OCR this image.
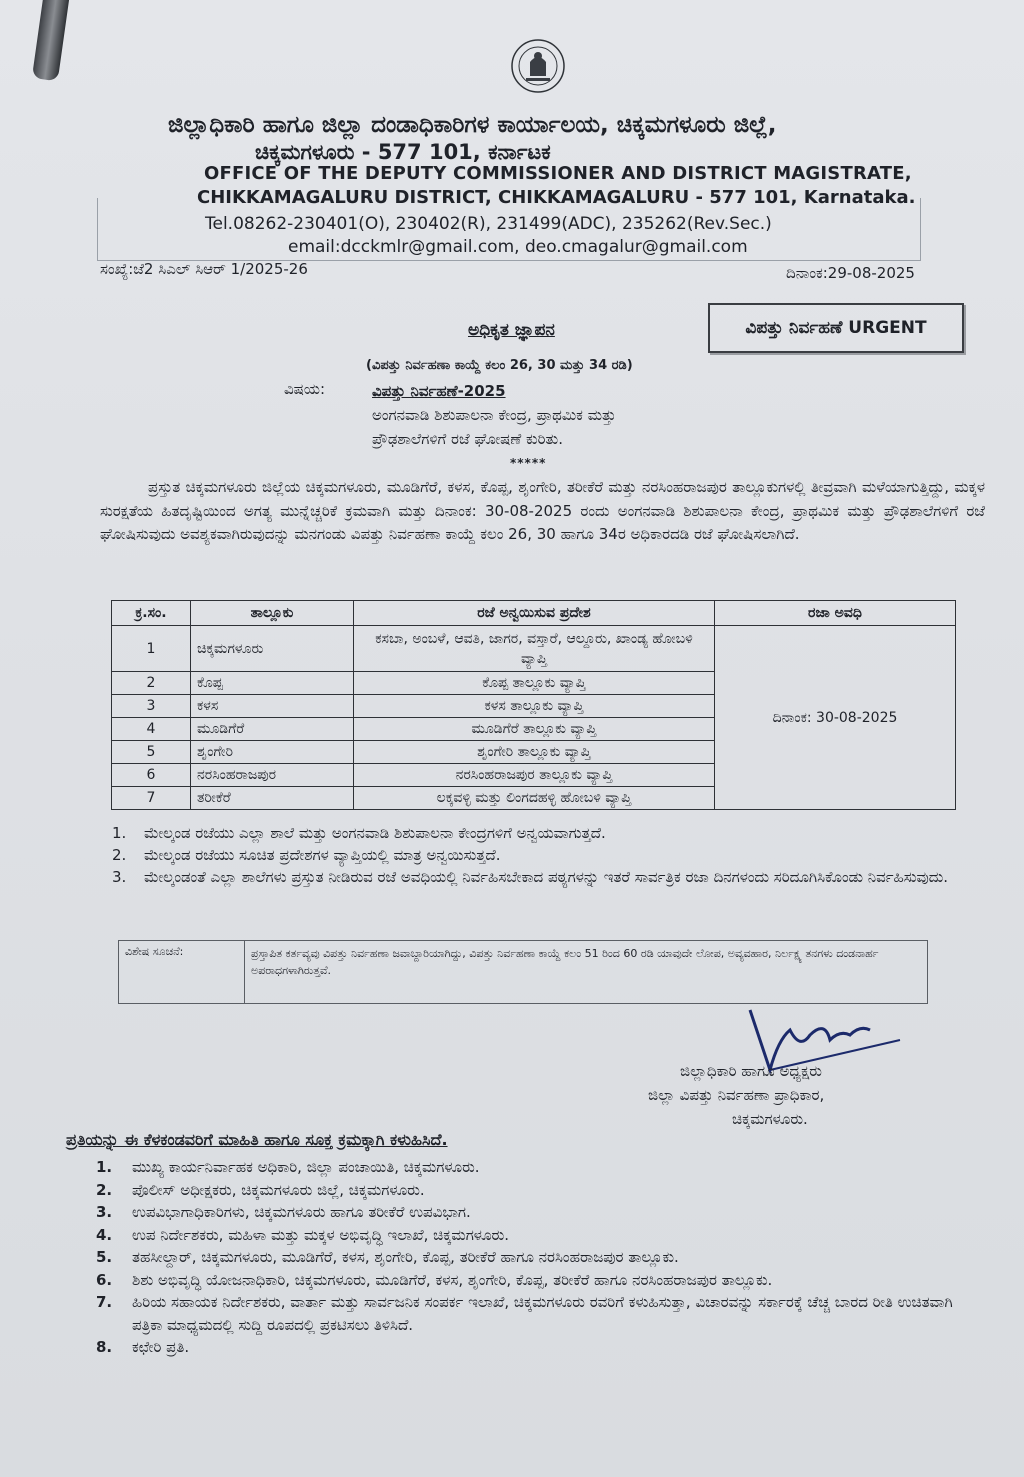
ಜಿಲ್ಲಾಧಿಕಾರಿ ಹಾಗೂ ಜಿಲ್ಲಾ ದಂಡಾಧಿಕಾರಿಗಳ ಕಾರ್ಯಾಲಯ, ಚಿಕ್ಕಮಗಳೂರು ಜಿಲ್ಲೆ,
ಚಿಕ್ಕಮಗಳೂರು - 577 101, ಕರ್ನಾಟಕ
OFFICE OF THE DEPUTY COMMISSIONER AND DISTRICT MAGISTRATE,
CHIKKAMAGALURU DISTRICT, CHIKKAMAGALURU - 577 101, Karnataka.
Tel.08262-230401(O), 230402(R), 231499(ADC), 235262(Rev.Sec.)
email:dcckmlr@gmail.com, deo.cmagalur@gmail.com
ಸಂಖ್ಯೆ:ಜೆ2 ಸಿಎಲ್ ಸಿಆರ್ 1/2025-26	ದಿನಾಂಕ:29-08-2025
ಅಧಿಕೃತ ಜ್ಞಾಪನ	ವಿಪತ್ತು ನಿರ್ವಹಣೆ URGENT
(ವಿಪತ್ತು ನಿರ್ವಹಣಾ ಕಾಯ್ದೆ ಕಲಂ 26, 30 ಮತ್ತು 34 ರಡಿ)
ವಿಷಯ:	ವಿಪತ್ತು ನಿರ್ವಹಣೆ-2025
ಅಂಗನವಾಡಿ ಶಿಶುಪಾಲನಾ ಕೇಂದ್ರ, ಪ್ರಾಥಮಿಕ ಮತ್ತು
ಪ್ರೌಢಶಾಲೆಗಳಿಗೆ ರಜೆ ಘೋಷಣೆ ಕುರಿತು.
*****

ಪ್ರಸ್ತುತ ಚಿಕ್ಕಮಗಳೂರು ಜಿಲ್ಲೆಯ ಚಿಕ್ಕಮಗಳೂರು, ಮೂಡಿಗೆರೆ, ಕಳಸ, ಕೊಪ್ಪ, ಶೃಂಗೇರಿ, ತರೀಕೆರೆ ಮತ್ತು ನರಸಿಂಹರಾಜಪುರ ತಾಲ್ಲೂಕುಗಳಲ್ಲಿ ತೀವ್ರವಾಗಿ ಮಳೆಯಾಗುತ್ತಿದ್ದು, ಮಕ್ಕಳ ಸುರಕ್ಷತೆಯ ಹಿತದೃಷ್ಟಿಯಿಂದ ಅಗತ್ಯ ಮುನ್ನೆಚ್ಚರಿಕೆ ಕ್ರಮವಾಗಿ ಮತ್ತು ದಿನಾಂಕ: 30-08-2025 ರಂದು ಅಂಗನವಾಡಿ ಶಿಶುಪಾಲನಾ ಕೇಂದ್ರ, ಪ್ರಾಥಮಿಕ ಮತ್ತು ಪ್ರೌಢಶಾಲೆಗಳಿಗೆ ರಜೆ ಘೋಷಿಸುವುದು ಅವಶ್ಯಕವಾಗಿರುವುದನ್ನು ಮನಗಂಡು ವಿಪತ್ತು ನಿರ್ವಹಣಾ ಕಾಯ್ದೆ ಕಲಂ 26, 30 ಹಾಗೂ 34ರ ಅಧಿಕಾರದಡಿ ರಜೆ ಘೋಷಿಸಲಾಗಿದೆ.

ಕ್ರ.ಸಂ.	ತಾಲ್ಲೂಕು	ರಜೆ ಅನ್ವಯಿಸುವ ಪ್ರದೇಶ	ರಜಾ ಅವಧಿ
1	ಚಿಕ್ಕಮಗಳೂರು	ಕಸಬಾ, ಅಂಬಳೆ, ಆವತಿ, ಜಾಗರ, ವಸ್ತಾರೆ, ಆಲ್ದೂರು, ಖಾಂಡ್ಯ ಹೋಬಳಿ ವ್ಯಾಪ್ತಿ	ದಿನಾಂಕ: 30-08-2025
2	ಕೊಪ್ಪ	ಕೊಪ್ಪ ತಾಲ್ಲೂಕು ವ್ಯಾಪ್ತಿ	
3	ಕಳಸ	ಕಳಸ ತಾಲ್ಲೂಕು ವ್ಯಾಪ್ತಿ	
4	ಮೂಡಿಗೆರೆ	ಮೂಡಿಗೆರೆ ತಾಲ್ಲೂಕು ವ್ಯಾಪ್ತಿ	
5	ಶೃಂಗೇರಿ	ಶೃಂಗೇರಿ ತಾಲ್ಲೂಕು ವ್ಯಾಪ್ತಿ	
6	ನರಸಿಂಹರಾಜಪುರ	ನರಸಿಂಹರಾಜಪುರ ತಾಲ್ಲೂಕು ವ್ಯಾಪ್ತಿ	
7	ತರೀಕೆರೆ	ಲಕ್ಕವಳ್ಳಿ ಮತ್ತು ಲಿಂಗದಹಳ್ಳಿ ಹೋಬಳಿ ವ್ಯಾಪ್ತಿ	
1.	ಮೇಲ್ಕಂಡ ರಜೆಯು ಎಲ್ಲಾ ಶಾಲೆ ಮತ್ತು ಅಂಗನವಾಡಿ ಶಿಶುಪಾಲನಾ ಕೇಂದ್ರಗಳಿಗೆ ಅನ್ವಯವಾಗುತ್ತದೆ.
2.	ಮೇಲ್ಕಂಡ ರಜೆಯು ಸೂಚಿತ ಪ್ರದೇಶಗಳ ವ್ಯಾಪ್ತಿಯಲ್ಲಿ ಮಾತ್ರ ಅನ್ವಯಿಸುತ್ತದೆ.
3.	ಮೇಲ್ಕಂಡಂತೆ ಎಲ್ಲಾ ಶಾಲೆಗಳು ಪ್ರಸ್ತುತ ನೀಡಿರುವ ರಜೆ ಅವಧಿಯಲ್ಲಿ ನಿರ್ವಹಿಸಬೇಕಾದ ಪಠ್ಯಗಳನ್ನು ಇತರೆ ಸಾರ್ವತ್ರಿಕ ರಜಾ ದಿನಗಳಂದು ಸರಿದೂಗಿಸಿಕೊಂಡು ನಿರ್ವಹಿಸುವುದು.
ವಿಶೇಷ ಸೂಚನೆ:	ಪ್ರಸ್ತಾಪಿತ ಕರ್ತವ್ಯವು ವಿಪತ್ತು ನಿರ್ವಹಣಾ ಜವಾಬ್ದಾರಿಯಾಗಿದ್ದು, ವಿಪತ್ತು ನಿರ್ವಹಣಾ ಕಾಯ್ದೆ ಕಲಂ 51 ರಿಂದ 60 ರಡಿ ಯಾವುದೇ ಲೋಪ, ಅವ್ಯವಹಾರ, ನಿರ್ಲಕ್ಷ್ಯ ತನಗಳು ದಂಡನಾರ್ಹ ಅಪರಾಧಗಳಾಗಿರುತ್ತವೆ.
ಜಿಲ್ಲಾಧಿಕಾರಿ ಹಾಗೂ ಅಧ್ಯಕ್ಷರು
ಜಿಲ್ಲಾ ವಿಪತ್ತು ನಿರ್ವಹಣಾ ಪ್ರಾಧಿಕಾರ,
ಚಿಕ್ಕಮಗಳೂರು.
ಪ್ರತಿಯನ್ನು ಈ ಕೆಳಕಂಡವರಿಗೆ ಮಾಹಿತಿ ಹಾಗೂ ಸೂಕ್ತ ಕ್ರಮಕ್ಕಾಗಿ ಕಳುಹಿಸಿದೆ.
1.	ಮುಖ್ಯ ಕಾರ್ಯನಿರ್ವಾಹಕ ಅಧಿಕಾರಿ, ಜಿಲ್ಲಾ ಪಂಚಾಯಿತಿ, ಚಿಕ್ಕಮಗಳೂರು.
2.	ಪೊಲೀಸ್ ಅಧೀಕ್ಷಕರು, ಚಿಕ್ಕಮಗಳೂರು ಜಿಲ್ಲೆ, ಚಿಕ್ಕಮಗಳೂರು.
3.	ಉಪವಿಭಾಗಾಧಿಕಾರಿಗಳು, ಚಿಕ್ಕಮಗಳೂರು ಹಾಗೂ ತರೀಕೆರೆ ಉಪವಿಭಾಗ.
4.	ಉಪ ನಿರ್ದೇಶಕರು, ಮಹಿಳಾ ಮತ್ತು ಮಕ್ಕಳ ಅಭಿವೃದ್ಧಿ ಇಲಾಖೆ, ಚಿಕ್ಕಮಗಳೂರು.
5.	ತಹಸೀಲ್ದಾರ್, ಚಿಕ್ಕಮಗಳೂರು, ಮೂಡಿಗೆರೆ, ಕಳಸ, ಶೃಂಗೇರಿ, ಕೊಪ್ಪ, ತರೀಕೆರೆ ಹಾಗೂ ನರಸಿಂಹರಾಜಪುರ ತಾಲ್ಲೂಕು.
6.	ಶಿಶು ಅಭಿವೃದ್ಧಿ ಯೋಜನಾಧಿಕಾರಿ, ಚಿಕ್ಕಮಗಳೂರು, ಮೂಡಿಗೆರೆ, ಕಳಸ, ಶೃಂಗೇರಿ, ಕೊಪ್ಪ, ತರೀಕೆರೆ ಹಾಗೂ ನರಸಿಂಹರಾಜಪುರ ತಾಲ್ಲೂಕು.
7.	ಹಿರಿಯ ಸಹಾಯಕ ನಿರ್ದೇಶಕರು, ವಾರ್ತಾ ಮತ್ತು ಸಾರ್ವಜನಿಕ ಸಂಪರ್ಕ ಇಲಾಖೆ, ಚಿಕ್ಕಮಗಳೂರು ರವರಿಗೆ ಕಳುಹಿಸುತ್ತಾ, ವಿಚಾರವನ್ನು ಸರ್ಕಾರಕ್ಕೆ ಚೆಚ್ಚ ಬಾರದ ರೀತಿ ಉಚಿತವಾಗಿ ಪತ್ರಿಕಾ ಮಾಧ್ಯಮದಲ್ಲಿ ಸುದ್ದಿ ರೂಪದಲ್ಲಿ ಪ್ರಕಟಿಸಲು ತಿಳಿಸಿದೆ.
8.	ಕಛೇರಿ ಪ್ರತಿ.
